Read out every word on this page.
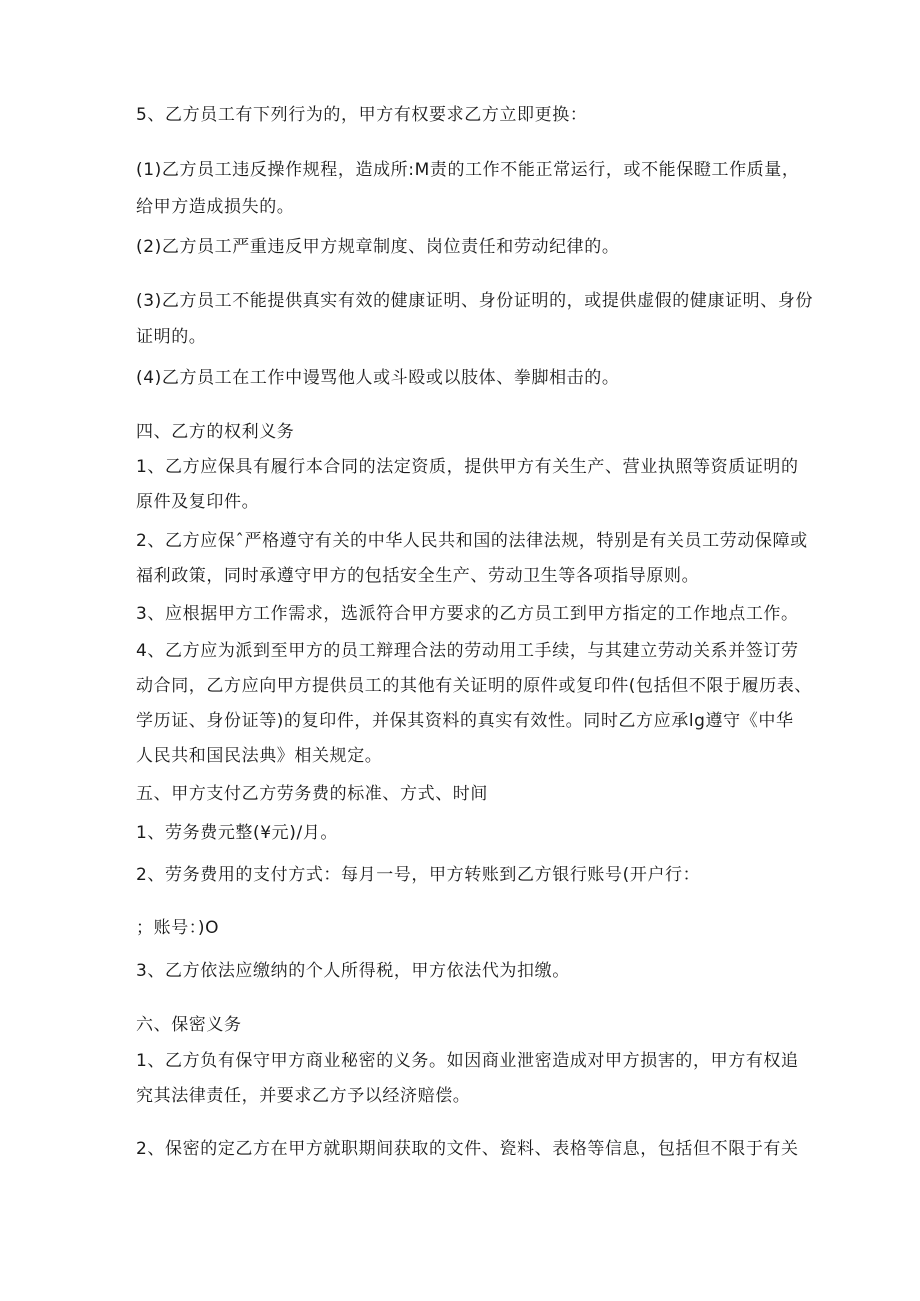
5、乙方员工有下列行为的，甲方有权要求乙方立即更换：
(1)乙方员工违反操作规程，造成所:M责的工作不能正常运行，或不能保瞪工作质量，
给甲方造成损失的。
(2)乙方员工严重违反甲方规章制度、岗位责任和劳动纪律的。
(3)乙方员工不能提供真实有效的健康证明、身份证明的，或提供虚假的健康证明、身份
证明的。
(4)乙方员工在工作中谩骂他人或斗殴或以肢体、拳脚相击的。
四、乙方的权利义务
1、乙方应保具有履行本合同的法定资质，提供甲方有关生产、营业执照等资质证明的
原件及复印件。
2、乙方应保ˆ严格遵守有关的中华人民共和国的法律法规，特别是有关员工劳动保障或
福利政策，同时承遵守甲方的包括安全生产、劳动卫生等各项指导原则。
3、应根据甲方工作需求，选派符合甲方要求的乙方员工到甲方指定的工作地点工作。
4、乙方应为派到至甲方的员工辩理合法的劳动用工手续，与其建立劳动关系并签订劳
动合同，乙方应向甲方提供员工的其他有关证明的原件或复印件(包括但不限于履历表、
学历证、身份证等)的复印件，并保其资料的真实有效性。同时乙方应承lg遵守《中华
人民共和国民法典》相关规定。
五、甲方支付乙方劳务费的标准、方式、时间
1、劳务费元整(¥元)/月。
2、劳务费用的支付方式：每月一号，甲方转账到乙方银行账号(开户行：
；账号：)O
3、乙方依法应缴纳的个人所得税，甲方依法代为扣缴。
六、保密义务
1、乙方负有保守甲方商业秘密的义务。如因商业泄密造成对甲方损害的，甲方有权追
究其法律责任，并要求乙方予以经济赔偿。
2、保密的定乙方在甲方就职期间获取的文件、瓷料、表格等信息，包括但不限于有关
